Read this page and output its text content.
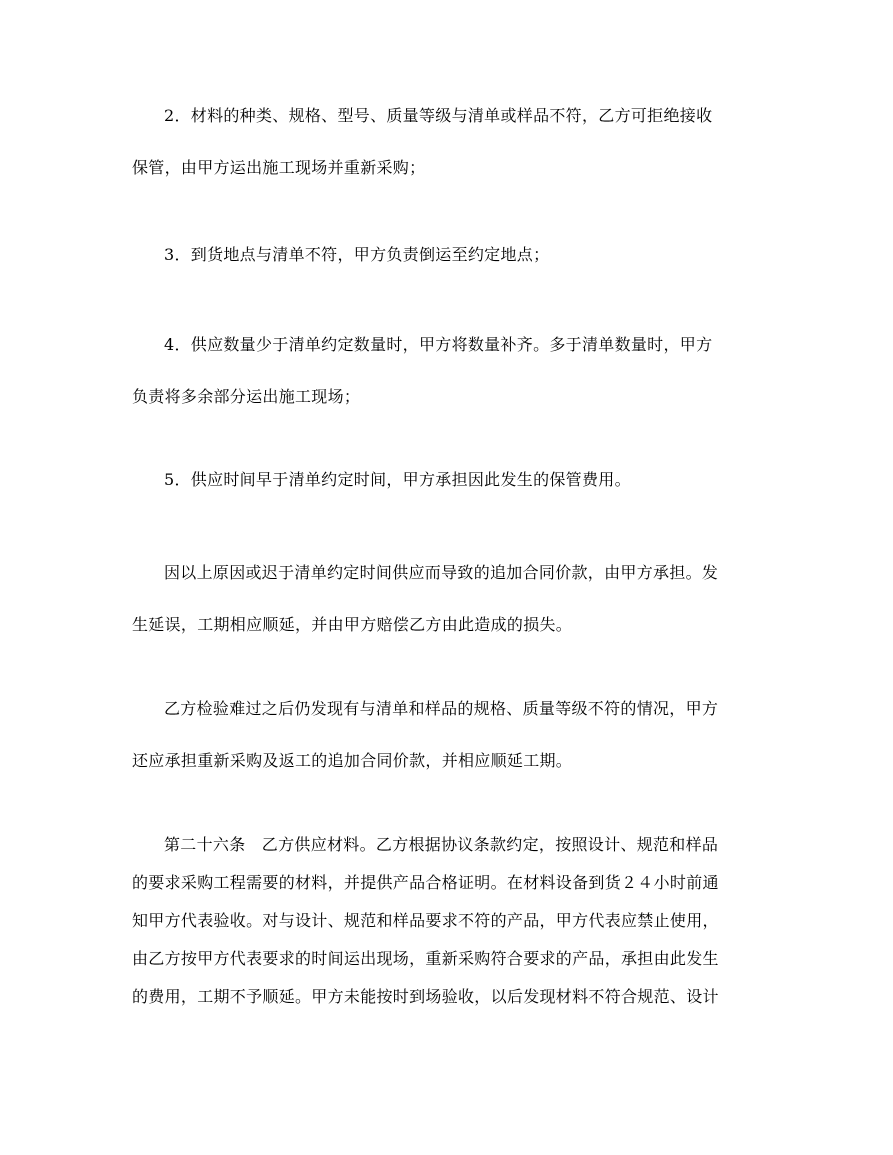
2．材料的种类、规格、型号、质量等级与清单或样品不符，乙方可拒绝接收
保管，由甲方运出施工现场并重新采购；
3．到货地点与清单不符，甲方负责倒运至约定地点；
4．供应数量少于清单约定数量时，甲方将数量补齐。多于清单数量时，甲方
负责将多余部分运出施工现场；
5．供应时间早于清单约定时间，甲方承担因此发生的保管费用。
因以上原因或迟于清单约定时间供应而导致的追加合同价款，由甲方承担。发
生延误，工期相应顺延，并由甲方赔偿乙方由此造成的损失。
乙方检验难过之后仍发现有与清单和样品的规格、质量等级不符的情况，甲方
还应承担重新采购及返工的追加合同价款，并相应顺延工期。
第二十六条　乙方供应材料。乙方根据协议条款约定，按照设计、规范和样品
的要求采购工程需要的材料，并提供产品合格证明。在材料设备到货２４小时前通
知甲方代表验收。对与设计、规范和样品要求不符的产品，甲方代表应禁止使用，
由乙方按甲方代表要求的时间运出现场，重新采购符合要求的产品，承担由此发生
的费用，工期不予顺延。甲方未能按时到场验收，以后发现材料不符合规范、设计
